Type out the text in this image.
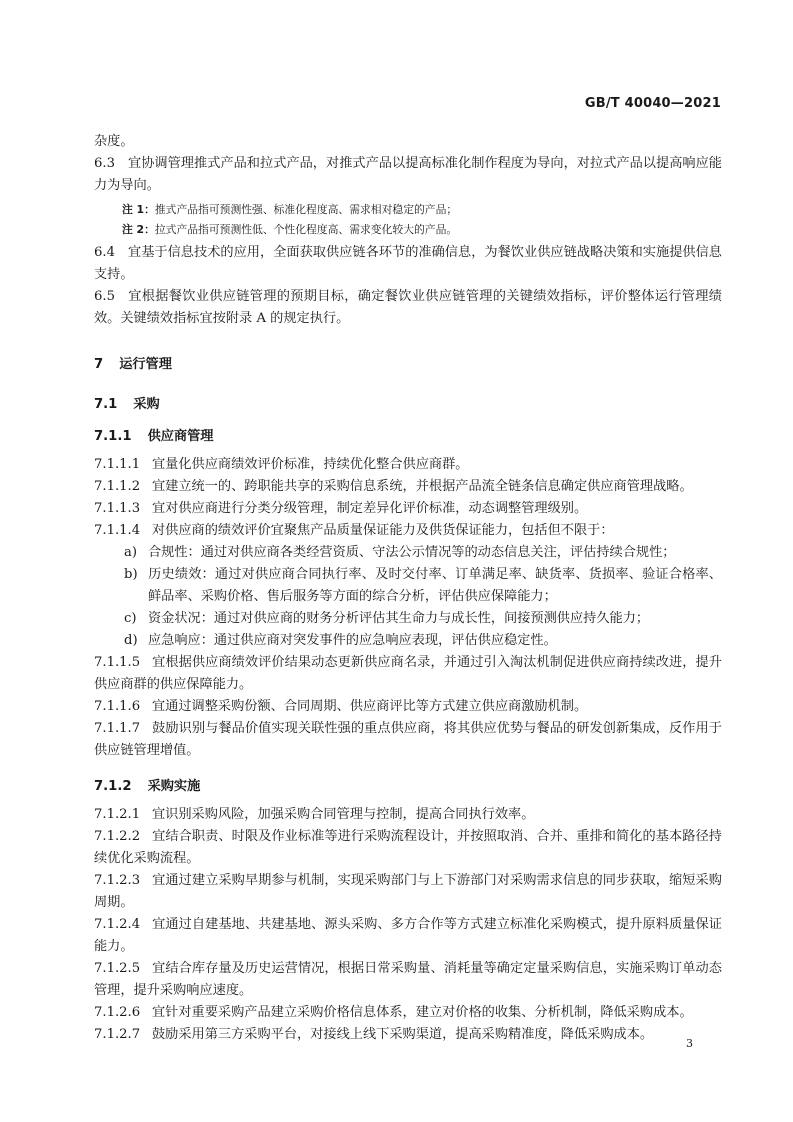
GB/T 40040—2021

杂度。

6.3 宜协调管理推式产品和拉式产品，对推式产品以提高标准化制作程度为导向，对拉式产品以提高响应能力为导向。

注 1：推式产品指可预测性强、标准化程度高、需求相对稳定的产品；

注 2：拉式产品指可预测性低、个性化程度高、需求变化较大的产品。

6.4 宜基于信息技术的应用，全面获取供应链各环节的准确信息，为餐饮业供应链战略决策和实施提供信息支持。

6.5 宜根据餐饮业供应链管理的预期目标，确定餐饮业供应链管理的关键绩效指标，评价整体运行管理绩效。关键绩效指标宜按附录 A 的规定执行。

7 运行管理
7.1 采购
7.1.1 供应商管理

7.1.1.1 宜量化供应商绩效评价标准，持续优化整合供应商群。

7.1.1.2 宜建立统一的、跨职能共享的采购信息系统，并根据产品流全链条信息确定供应商管理战略。

7.1.1.3 宜对供应商进行分类分级管理，制定差异化评价标准，动态调整管理级别。

7.1.1.4 对供应商的绩效评价宜聚焦产品质量保证能力及供货保证能力，包括但不限于：

a) 合规性：通过对供应商各类经营资质、守法公示情况等的动态信息关注，评估持续合规性；

b) 历史绩效：通过对供应商合同执行率、及时交付率、订单满足率、缺货率、货损率、验证合格率、鲜品率、采购价格、售后服务等方面的综合分析，评估供应保障能力；

c) 资金状况：通过对供应商的财务分析评估其生命力与成长性，间接预测供应持久能力；

d) 应急响应：通过供应商对突发事件的应急响应表现，评估供应稳定性。

7.1.1.5 宜根据供应商绩效评价结果动态更新供应商名录，并通过引入淘汰机制促进供应商持续改进，提升供应商群的供应保障能力。

7.1.1.6 宜通过调整采购份额、合同周期、供应商评比等方式建立供应商激励机制。

7.1.1.7 鼓励识别与餐品价值实现关联性强的重点供应商，将其供应优势与餐品的研发创新集成，反作用于供应链管理增值。

7.1.2 采购实施

7.1.2.1 宜识别采购风险，加强采购合同管理与控制，提高合同执行效率。

7.1.2.2 宜结合职责、时限及作业标准等进行采购流程设计，并按照取消、合并、重排和简化的基本路径持续优化采购流程。

7.1.2.3 宜通过建立采购早期参与机制，实现采购部门与上下游部门对采购需求信息的同步获取，缩短采购周期。

7.1.2.4 宜通过自建基地、共建基地、源头采购、多方合作等方式建立标准化采购模式，提升原料质量保证能力。

7.1.2.5 宜结合库存量及历史运营情况，根据日常采购量、消耗量等确定定量采购信息，实施采购订单动态管理，提升采购响应速度。

7.1.2.6 宜针对重要采购产品建立采购价格信息体系，建立对价格的收集、分析机制，降低采购成本。

7.1.2.7 鼓励采用第三方采购平台，对接线上线下采购渠道，提高采购精准度，降低采购成本。

3
